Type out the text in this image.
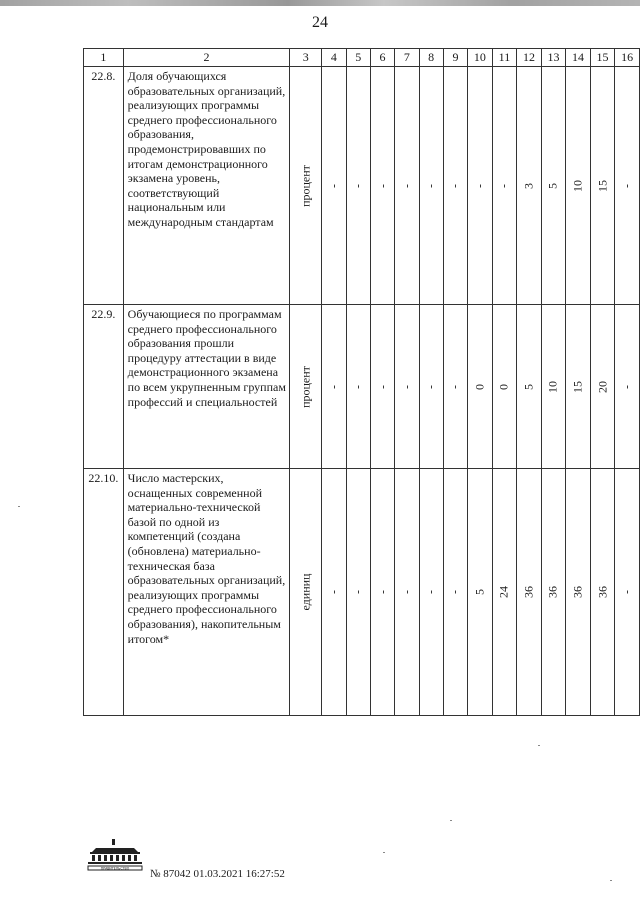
24
1	2	3	4	5	6	7	8	9	10	11	12	13	14	15	16
22.8.	Доля обучающихся образовательных организаций, реализующих программы среднего профессионального образования, продемонстрировавших по итогам демонстрационного экзамена уровень, соответствующий национальным или международным стандартам	процент	-	-	-	-	-	-	-	-	3	5	10	15	-

22.9.	Обучающиеся по программам среднего профессионального образования прошли процедуру аттестации в виде демонстрационного экзамена по всем укрупненным группам профессий и специальностей	процент	-	-	-	-	-	-	0	0	5	10	15	20	-

22.10.	Число мастерских, оснащенных современной материально-технической базой по одной из компетенций (создана (обновлена) материально-техническая база образовательных организаций, реализующих программы среднего профессионального образования), накопительным итогом*	единиц	-	-	-	-	-	-	5	24	36	36	36	36	-
ПРАВИТЕЛЬСТВО № 87042 01.03.2021 16:27:52
